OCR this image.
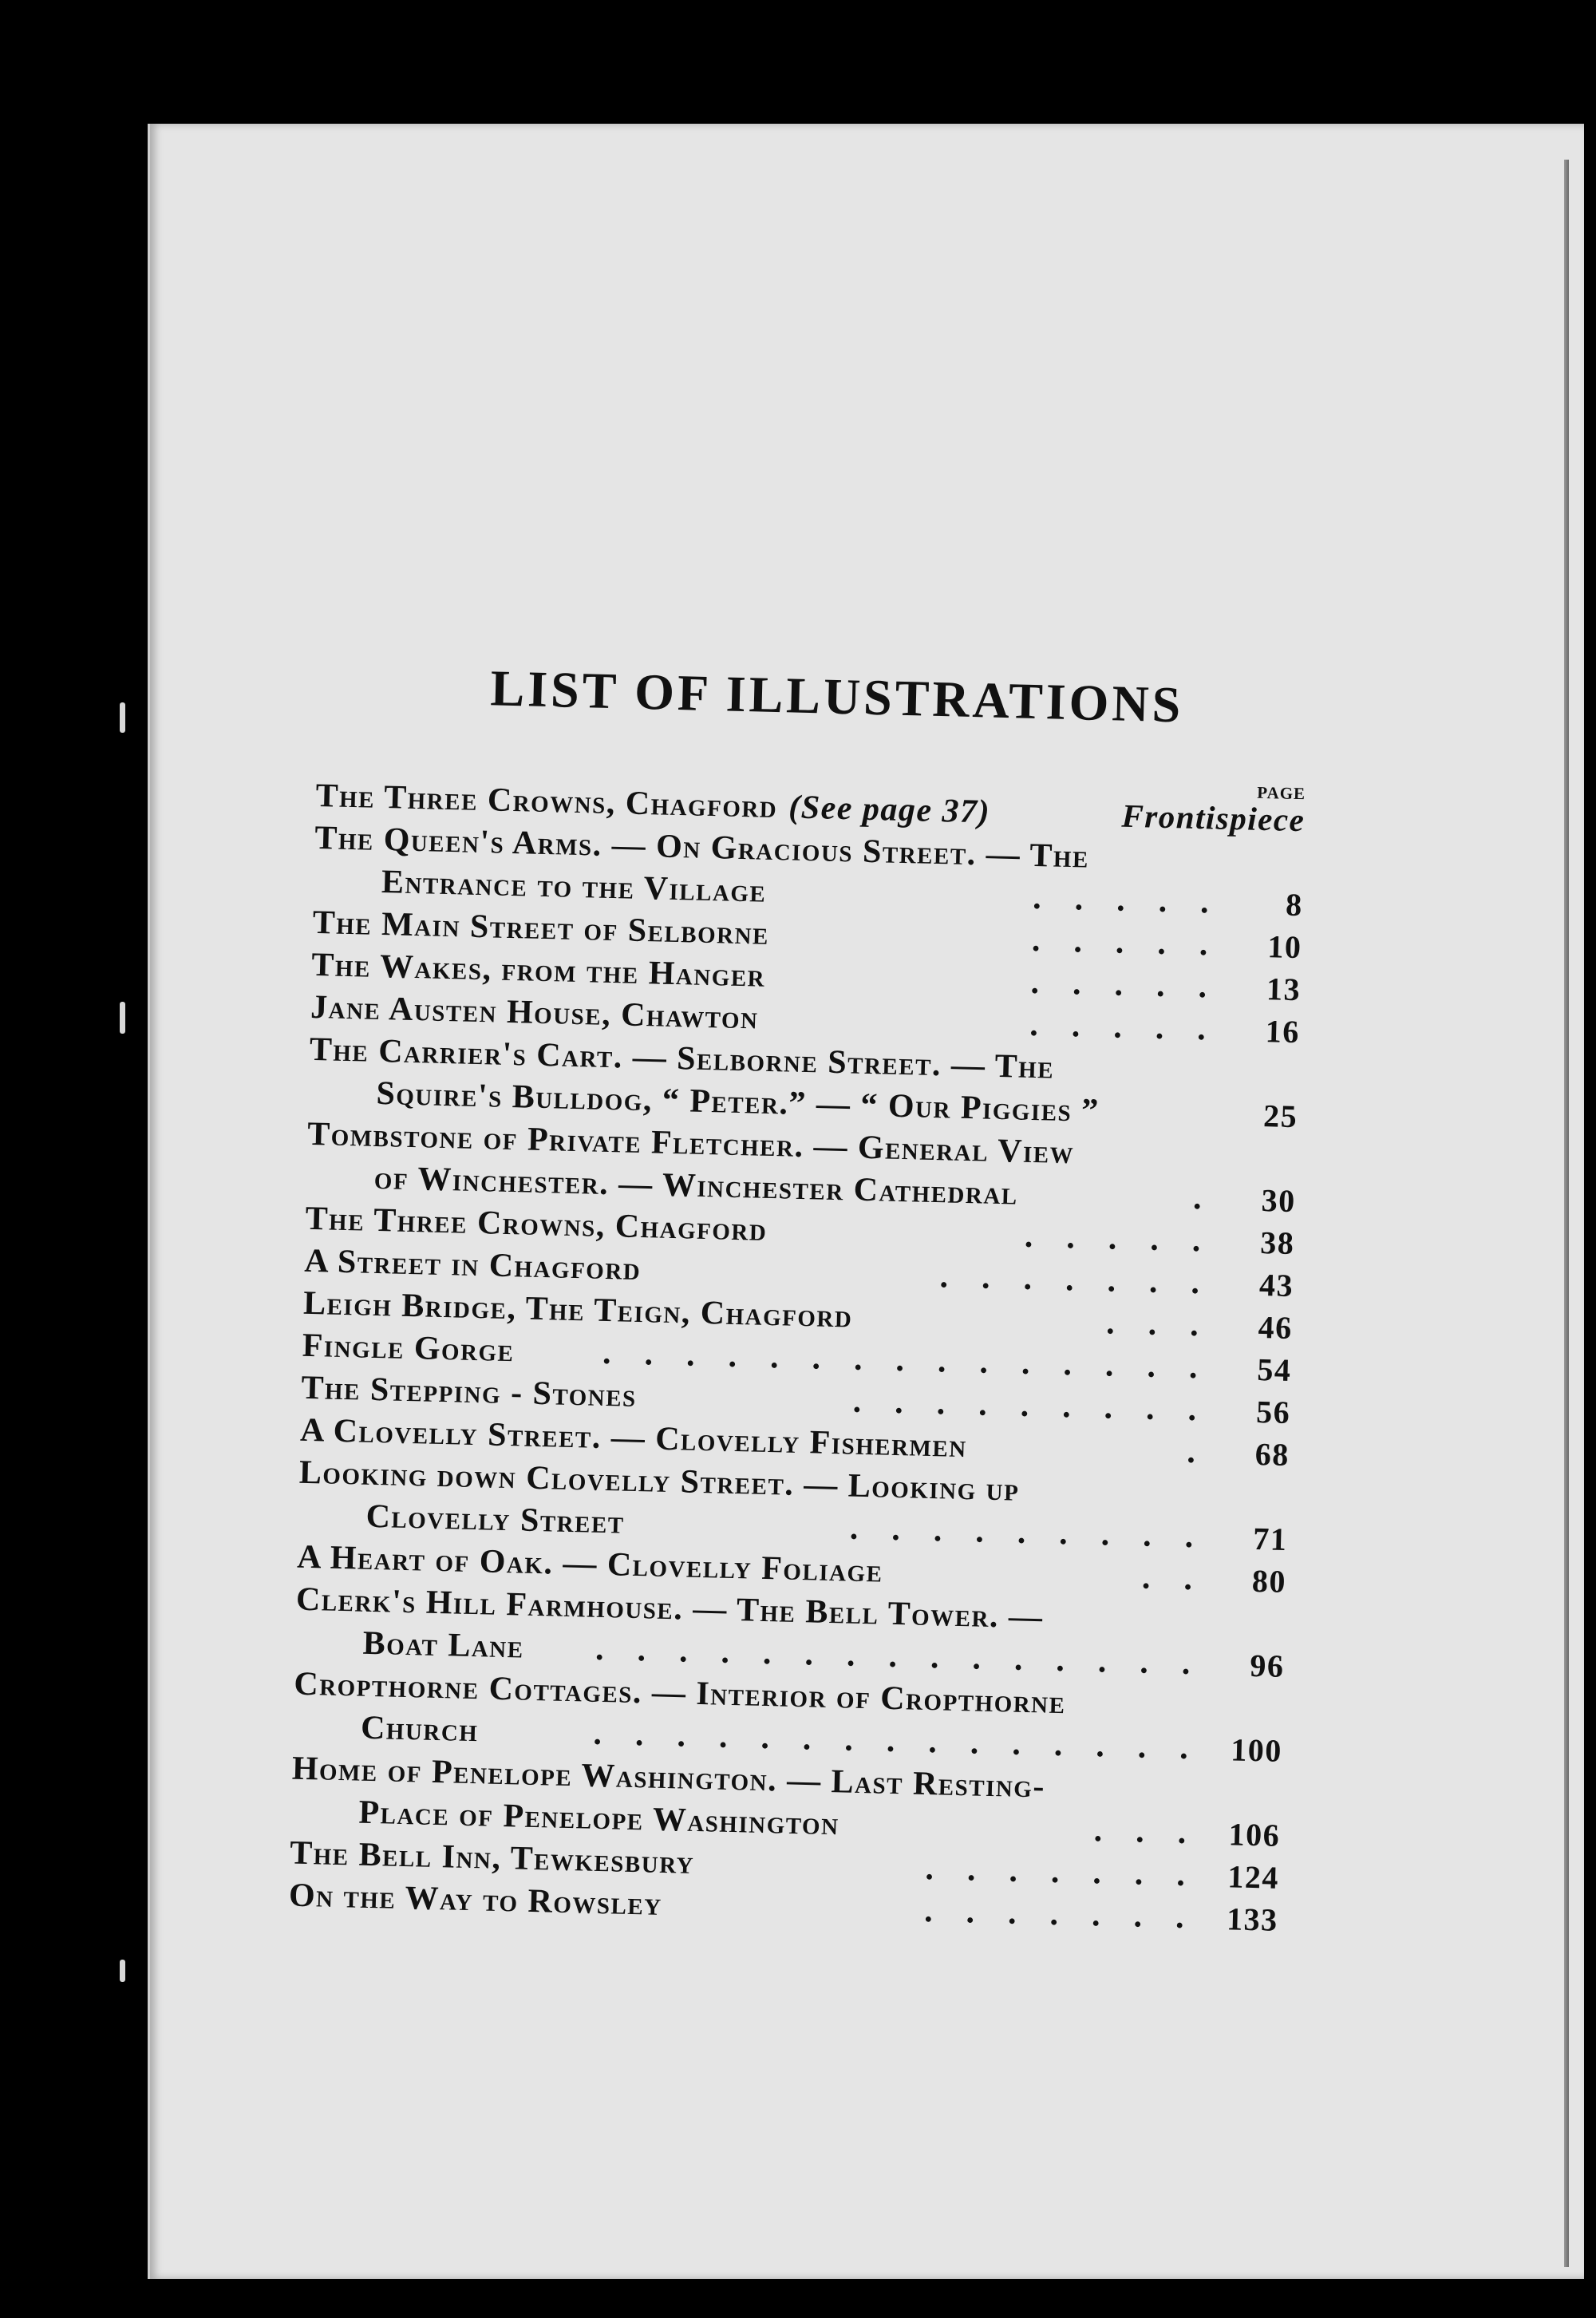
LIST OF ILLUSTRATIONS
PAGE
The Three Crowns, Chagford (See page 37)	Frontispiece
The Queen's Arms. — On Gracious Street. — The
Entrance to the Village	.....	8
The Main Street of Selborne	..... 10
The Wakes, from the Hanger	..... 13
Jane Austen House, Chawton	..... 16
The Carrier's Cart. — Selborne Street. — The
Squire's Bulldog, “ Peter.” — “ Our Piggies ”	25
Tombstone of Private Fletcher. — General View
of Winchester. — Winchester Cathedral	. 30
The Three Crowns, Chagford	..... 38
A Street in Chagford	....... 43
Leigh Bridge, The Teign, Chagford	... 46
Fingle Gorge	............... 54
The Stepping - Stones	......... 56
A Clovelly Street. — Clovelly Fishermen	. 68
Looking down Clovelly Street. — Looking up
Clovelly Street	......... 71
A Heart of Oak. — Clovelly Foliage	.. 80
Clerk's Hill Farmhouse. — The Bell Tower. —
Boat Lane	............... 96
Cropthorne Cottages. — Interior of Cropthorne
Church	............... 100
Home of Penelope Washington. — Last Resting-
Place of Penelope Washington	... 106
The Bell Inn, Tewkesbury	....... 124
On the Way to Rowsley	....... 133
